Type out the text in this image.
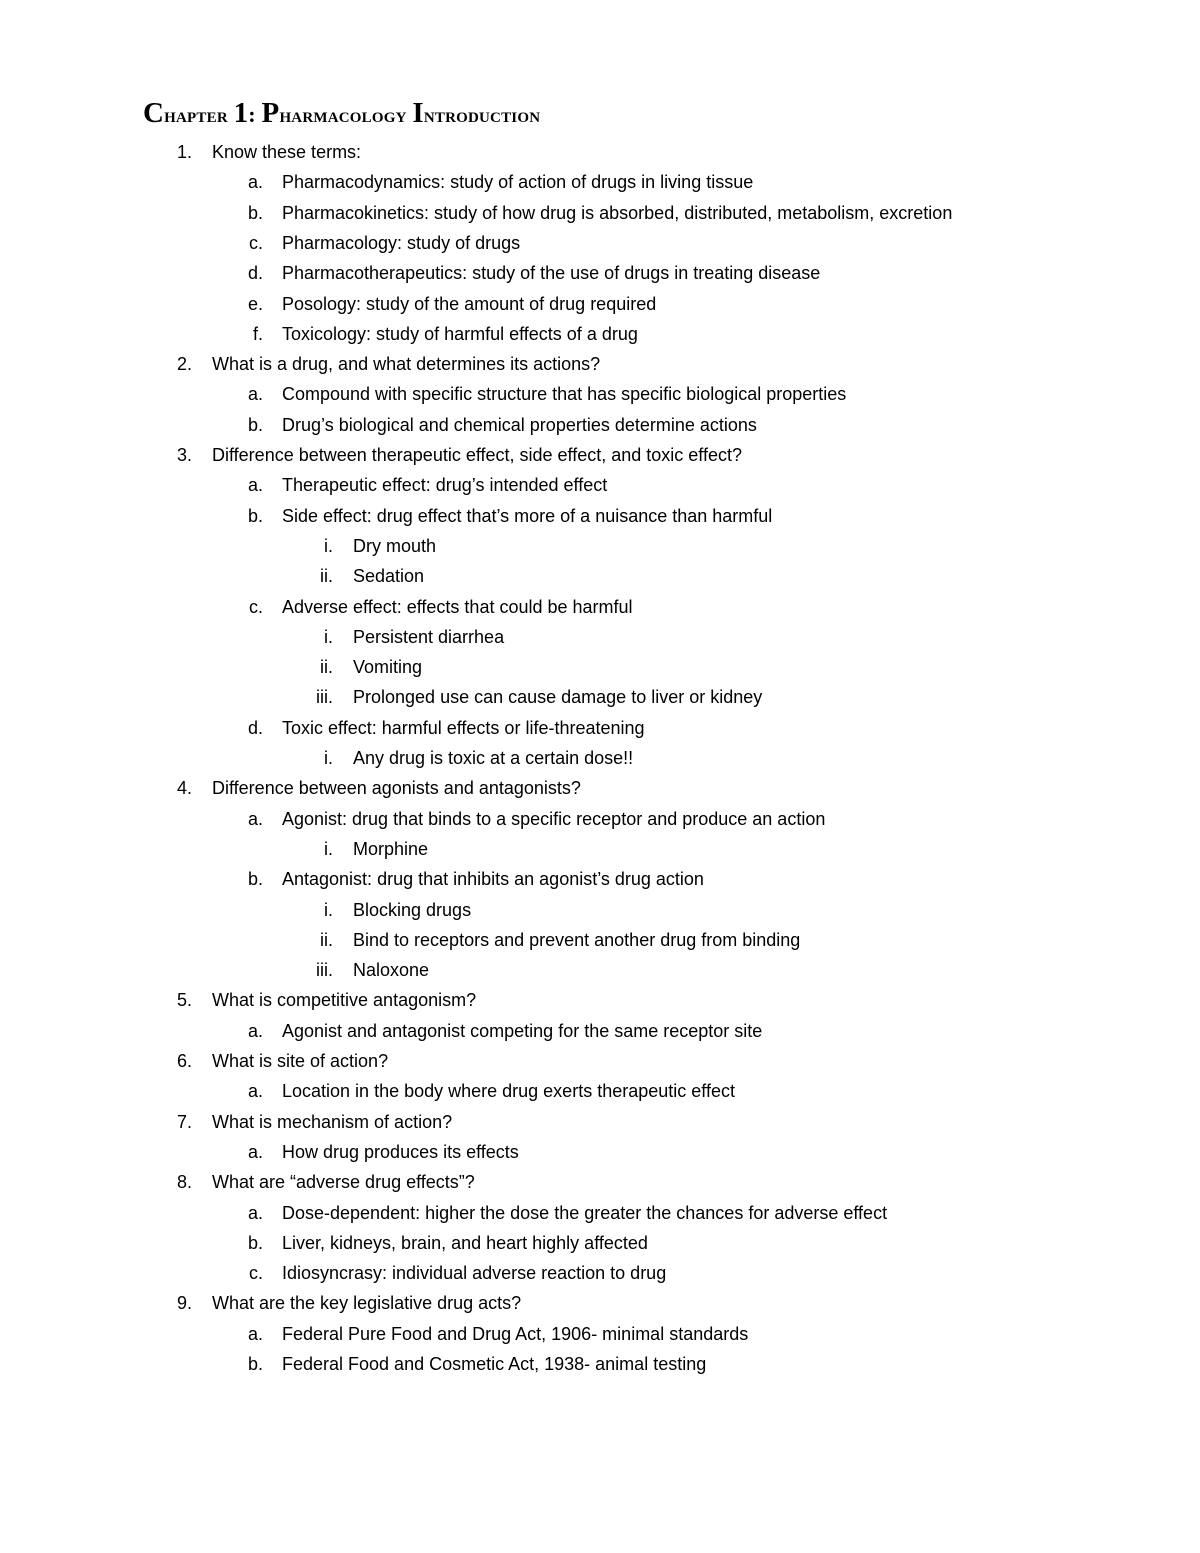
Chapter 1: Pharmacology Introduction
1. Know these terms:
a. Pharmacodynamics: study of action of drugs in living tissue
b. Pharmacokinetics: study of how drug is absorbed, distributed, metabolism, excretion
c. Pharmacology: study of drugs
d. Pharmacotherapeutics: study of the use of drugs in treating disease
e. Posology: study of the amount of drug required
f. Toxicology: study of harmful effects of a drug
2. What is a drug, and what determines its actions?
a. Compound with specific structure that has specific biological properties
b. Drug’s biological and chemical properties determine actions
3. Difference between therapeutic effect, side effect, and toxic effect?
a. Therapeutic effect: drug’s intended effect
b. Side effect: drug effect that’s more of a nuisance than harmful
i. Dry mouth
ii. Sedation
c. Adverse effect: effects that could be harmful
i. Persistent diarrhea
ii. Vomiting
iii. Prolonged use can cause damage to liver or kidney
d. Toxic effect: harmful effects or life-threatening
i. Any drug is toxic at a certain dose!!
4. Difference between agonists and antagonists?
a. Agonist: drug that binds to a specific receptor and produce an action
i. Morphine
b. Antagonist: drug that inhibits an agonist’s drug action
i. Blocking drugs
ii. Bind to receptors and prevent another drug from binding
iii. Naloxone
5. What is competitive antagonism?
a. Agonist and antagonist competing for the same receptor site
6. What is site of action?
a. Location in the body where drug exerts therapeutic effect
7. What is mechanism of action?
a. How drug produces its effects
8. What are “adverse drug effects”?
a. Dose-dependent: higher the dose the greater the chances for adverse effect
b. Liver, kidneys, brain, and heart highly affected
c. Idiosyncrasy: individual adverse reaction to drug
9. What are the key legislative drug acts?
a. Federal Pure Food and Drug Act, 1906- minimal standards
b. Federal Food and Cosmetic Act, 1938- animal testing
